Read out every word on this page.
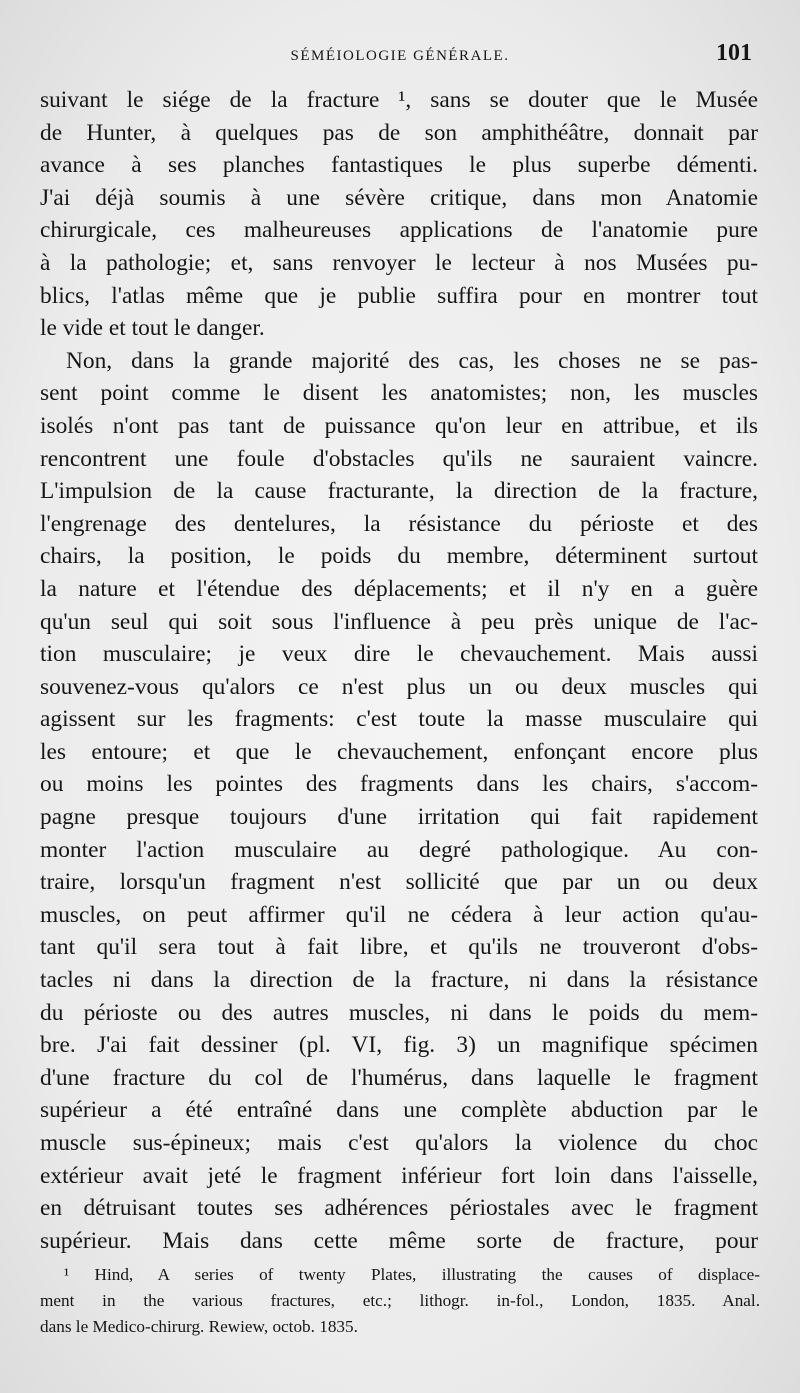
SÉMÉIOLOGIE GÉNÉRALE.	101
suivant le siége de la fracture ¹, sans se douter que le Musée
de Hunter, à quelques pas de son amphithéâtre, donnait par
avance à ses planches fantastiques le plus superbe démenti.
J'ai déjà soumis à une sévère critique, dans mon Anatomie
chirurgicale, ces malheureuses applications de l'anatomie pure
à la pathologie; et, sans renvoyer le lecteur à nos Musées pu-
blics, l'atlas même que je publie suffira pour en montrer tout
le vide et tout le danger.
Non, dans la grande majorité des cas, les choses ne se pas-
sent point comme le disent les anatomistes; non, les muscles
isolés n'ont pas tant de puissance qu'on leur en attribue, et ils
rencontrent une foule d'obstacles qu'ils ne sauraient vaincre.
L'impulsion de la cause fracturante, la direction de la fracture,
l'engrenage des dentelures, la résistance du périoste et des
chairs, la position, le poids du membre, déterminent surtout
la nature et l'étendue des déplacements; et il n'y en a guère
qu'un seul qui soit sous l'influence à peu près unique de l'ac-
tion musculaire; je veux dire le chevauchement. Mais aussi
souvenez-vous qu'alors ce n'est plus un ou deux muscles qui
agissent sur les fragments: c'est toute la masse musculaire qui
les entoure; et que le chevauchement, enfonçant encore plus
ou moins les pointes des fragments dans les chairs, s'accom-
pagne presque toujours d'une irritation qui fait rapidement
monter l'action musculaire au degré pathologique. Au con-
traire, lorsqu'un fragment n'est sollicité que par un ou deux
muscles, on peut affirmer qu'il ne cédera à leur action qu'au-
tant qu'il sera tout à fait libre, et qu'ils ne trouveront d'obs-
tacles ni dans la direction de la fracture, ni dans la résistance
du périoste ou des autres muscles, ni dans le poids du mem-
bre. J'ai fait dessiner (pl. VI, fig. 3) un magnifique spécimen
d'une fracture du col de l'humérus, dans laquelle le fragment
supérieur a été entraîné dans une complète abduction par le
muscle sus-épineux; mais c'est qu'alors la violence du choc
extérieur avait jeté le fragment inférieur fort loin dans l'aisselle,
en détruisant toutes ses adhérences périostales avec le fragment
supérieur. Mais dans cette même sorte de fracture, pour
¹ Hind, A series of twenty Plates, illustrating the causes of displace-
ment in the various fractures, etc.; lithogr. in-fol., London, 1835. Anal.
dans le Medico-chirurg. Rewiew, octob. 1835.
